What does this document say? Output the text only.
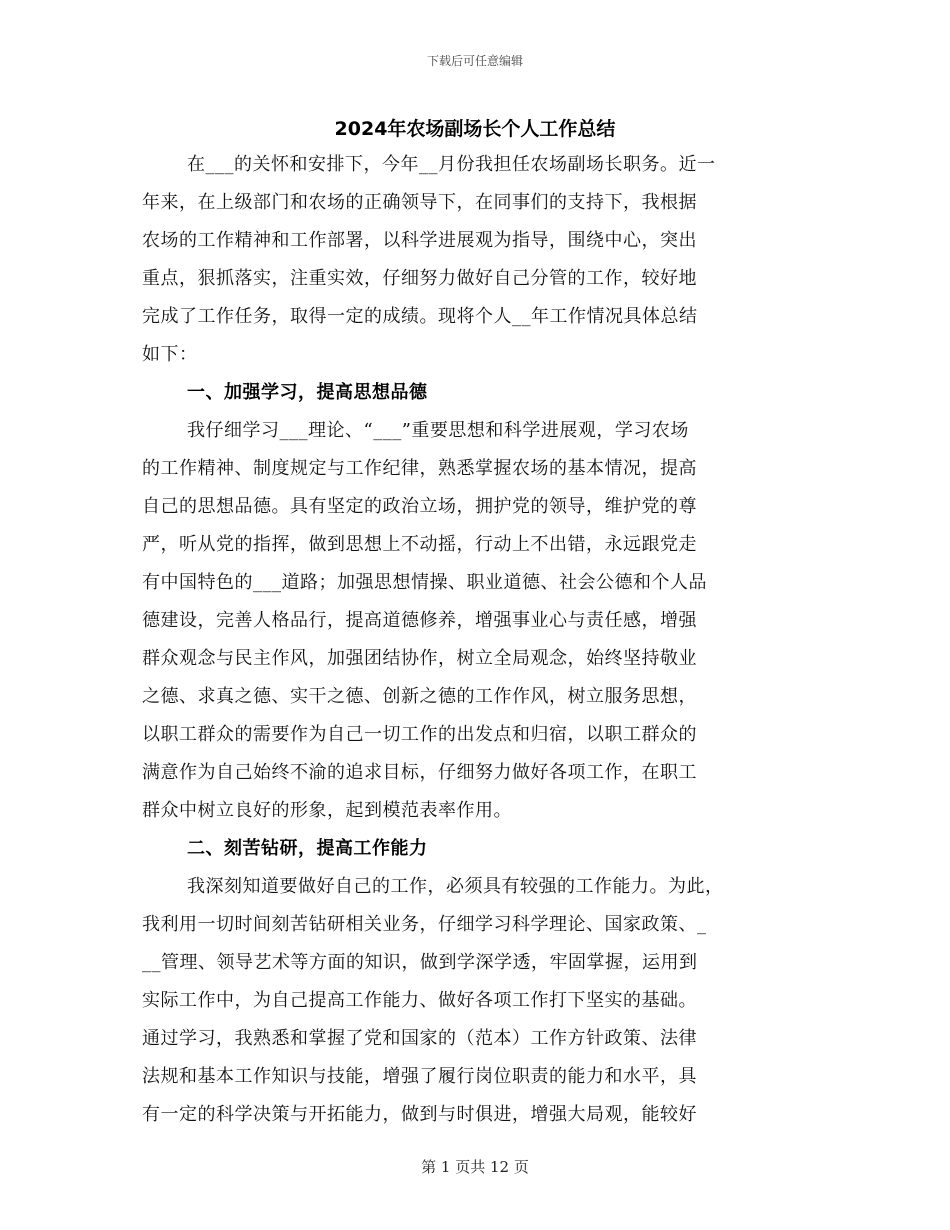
下载后可任意编辑
2024年农场副场长个人工作总结
在___的关怀和安排下，今年__月份我担任农场副场长职务。近一
年来，在上级部门和农场的正确领导下，在同事们的支持下，我根据
农场的工作精神和工作部署，以科学进展观为指导，围绕中心，突出
重点，狠抓落实，注重实效，仔细努力做好自己分管的工作，较好地
完成了工作任务，取得一定的成绩。现将个人__年工作情况具体总结
如下：
一、加强学习，提高思想品德
我仔细学习___理论、“___”重要思想和科学进展观，学习农场
的工作精神、制度规定与工作纪律，熟悉掌握农场的基本情况，提高
自己的思想品德。具有坚定的政治立场，拥护党的领导，维护党的尊
严，听从党的指挥，做到思想上不动摇，行动上不出错，永远跟党走
有中国特色的___道路；加强思想情操、职业道德、社会公德和个人品
德建设，完善人格品行，提高道德修养，增强事业心与责任感，增强
群众观念与民主作风，加强团结协作，树立全局观念，始终坚持敬业
之德、求真之德、实干之德、创新之德的工作作风，树立服务思想，
以职工群众的需要作为自己一切工作的出发点和归宿，以职工群众的
满意作为自己始终不渝的追求目标，仔细努力做好各项工作，在职工
群众中树立良好的形象，起到模范表率作用。
二、刻苦钻研，提高工作能力
我深刻知道要做好自己的工作，必须具有较强的工作能力。为此，
我利用一切时间刻苦钻研相关业务，仔细学习科学理论、国家政策、_
__管理、领导艺术等方面的知识，做到学深学透，牢固掌握，运用到
实际工作中，为自己提高工作能力、做好各项工作打下坚实的基础。
通过学习，我熟悉和掌握了党和国家的（范本）工作方针政策、法律
法规和基本工作知识与技能，增强了履行岗位职责的能力和水平，具
有一定的科学决策与开拓能力，做到与时俱进，增强大局观，能较好
第 1 页共 12 页
